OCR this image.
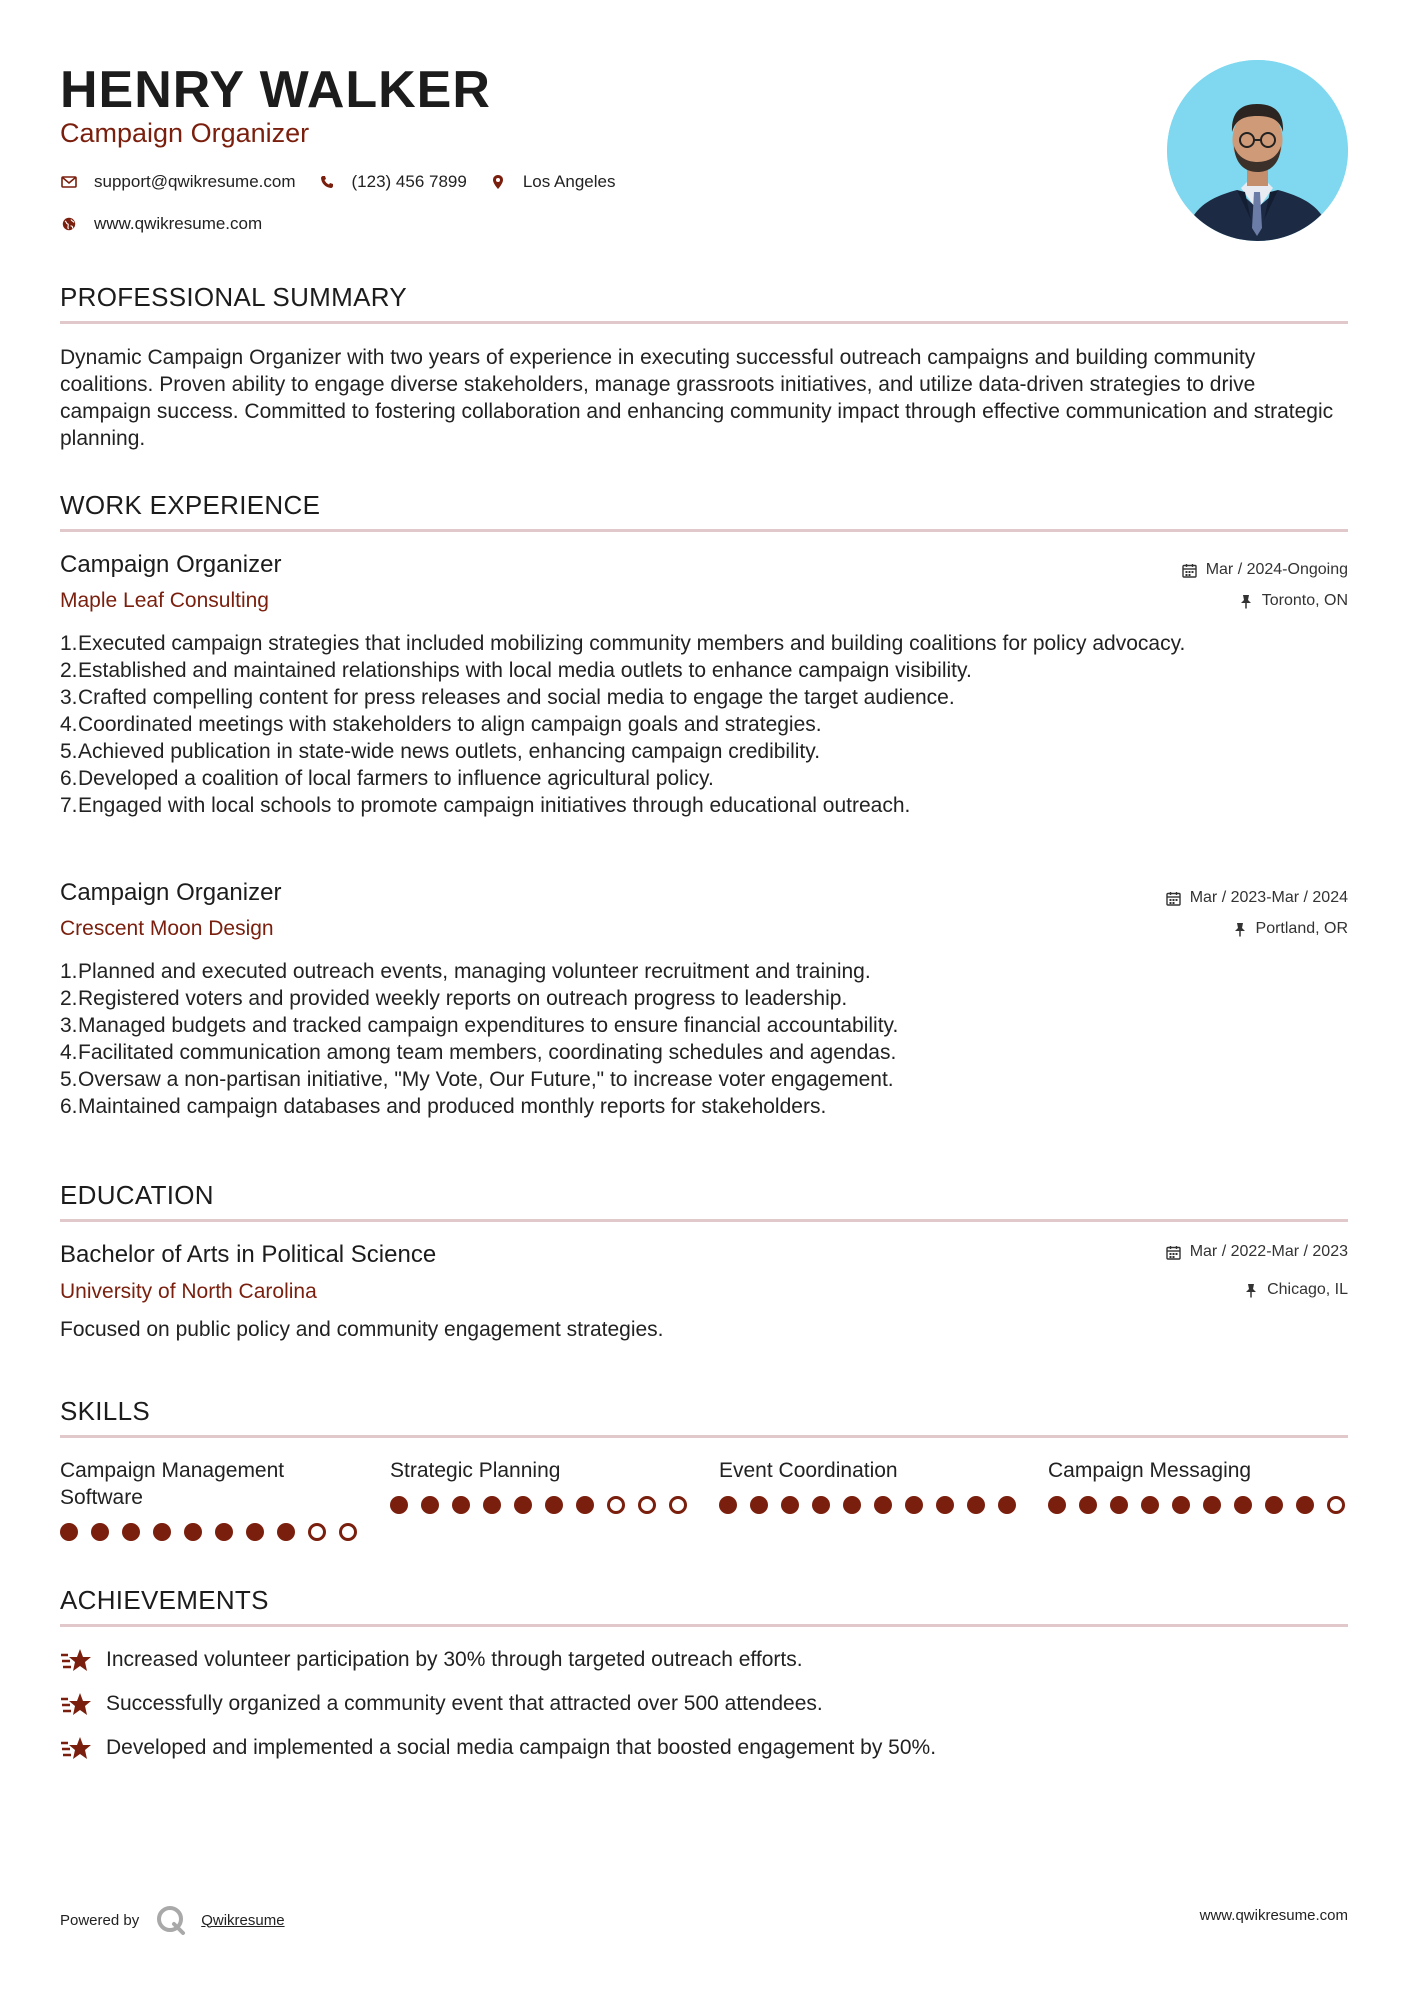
HENRY WALKER
Campaign Organizer
support@qwikresume.com	(123) 456 7899	Los Angeles
www.qwikresume.com
PROFESSIONAL SUMMARY
Dynamic Campaign Organizer with two years of experience in executing successful outreach campaigns and building community coalitions. Proven ability to engage diverse stakeholders, manage grassroots initiatives, and utilize data-driven strategies to drive campaign success. Committed to fostering collaboration and enhancing community impact through effective communication and strategic planning.
WORK EXPERIENCE
Campaign Organizer
Maple Leaf Consulting
Mar / 2024-Ongoing
Toronto, ON
1. Executed campaign strategies that included mobilizing community members and building coalitions for policy advocacy.
2. Established and maintained relationships with local media outlets to enhance campaign visibility.
3. Crafted compelling content for press releases and social media to engage the target audience.
4. Coordinated meetings with stakeholders to align campaign goals and strategies.
5. Achieved publication in state-wide news outlets, enhancing campaign credibility.
6. Developed a coalition of local farmers to influence agricultural policy.
7. Engaged with local schools to promote campaign initiatives through educational outreach.
Campaign Organizer
Crescent Moon Design
Mar / 2023-Mar / 2024
Portland, OR
1. Planned and executed outreach events, managing volunteer recruitment and training.
2. Registered voters and provided weekly reports on outreach progress to leadership.
3. Managed budgets and tracked campaign expenditures to ensure financial accountability.
4. Facilitated communication among team members, coordinating schedules and agendas.
5. Oversaw a non-partisan initiative, "My Vote, Our Future," to increase voter engagement.
6. Maintained campaign databases and produced monthly reports for stakeholders.
EDUCATION
Bachelor of Arts in Political Science
University of North Carolina
Mar / 2022-Mar / 2023
Chicago, IL
Focused on public policy and community engagement strategies.
SKILLS
Campaign Management Software
Strategic Planning	Event Coordination	Campaign Messaging
ACHIEVEMENTS
Increased volunteer participation by 30% through targeted outreach efforts.
Successfully organized a community event that attracted over 500 attendees.
Developed and implemented a social media campaign that boosted engagement by 50%.
Powered by	Qwikresume	www.qwikresume.com
